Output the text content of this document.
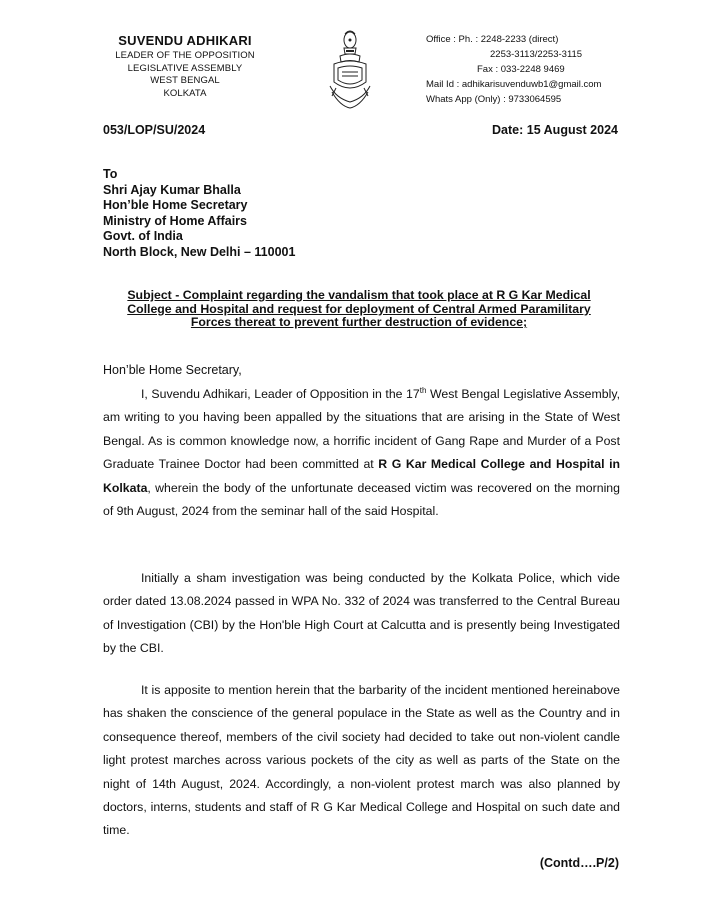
SUVENDU ADHIKARI
LEADER OF THE OPPOSITION
LEGISLATIVE ASSEMBLY
WEST BENGAL
KOLKATA
Office : Ph. : 2248-2233 (direct)
2253-3113/2253-3115
Fax : 033-2248 9469
Mail Id : adhikarisuvenduwb1@gmail.com
Whats App (Only) : 9733064595
053/LOP/SU/2024	Date: 15 August 2024
To
Shri Ajay Kumar Bhalla
Hon’ble Home Secretary
Ministry of Home Affairs
Govt. of India
North Block, New Delhi – 110001
Subject - Complaint regarding the vandalism that took place at R G Kar Medical College and Hospital and request for deployment of Central Armed Paramilitary Forces thereat to prevent further destruction of evidence;
Hon’ble Home Secretary,

I, Suvendu Adhikari, Leader of Opposition in the 17th West Bengal Legislative Assembly, am writing to you having been appalled by the situations that are arising in the State of West Bengal. As is common knowledge now, a horrific incident of Gang Rape and Murder of a Post Graduate Trainee Doctor had been committed at R G Kar Medical College and Hospital in Kolkata, wherein the body of the unfortunate deceased victim was recovered on the morning of 9th August, 2024 from the seminar hall of the said Hospital.

Initially a sham investigation was being conducted by the Kolkata Police, which vide order dated 13.08.2024 passed in WPA No. 332 of 2024 was transferred to the Central Bureau of Investigation (CBI) by the Hon'ble High Court at Calcutta and is presently being Investigated by the CBI.

It is apposite to mention herein that the barbarity of the incident mentioned hereinabove has shaken the conscience of the general populace in the State as well as the Country and in consequence thereof, members of the civil society had decided to take out non-violent candle light protest marches across various pockets of the city as well as parts of the State on the night of 14th August, 2024. Accordingly, a non-violent protest march was also planned by doctors, interns, students and staff of R G Kar Medical College and Hospital on such date and time.

(Contd….P/2)
